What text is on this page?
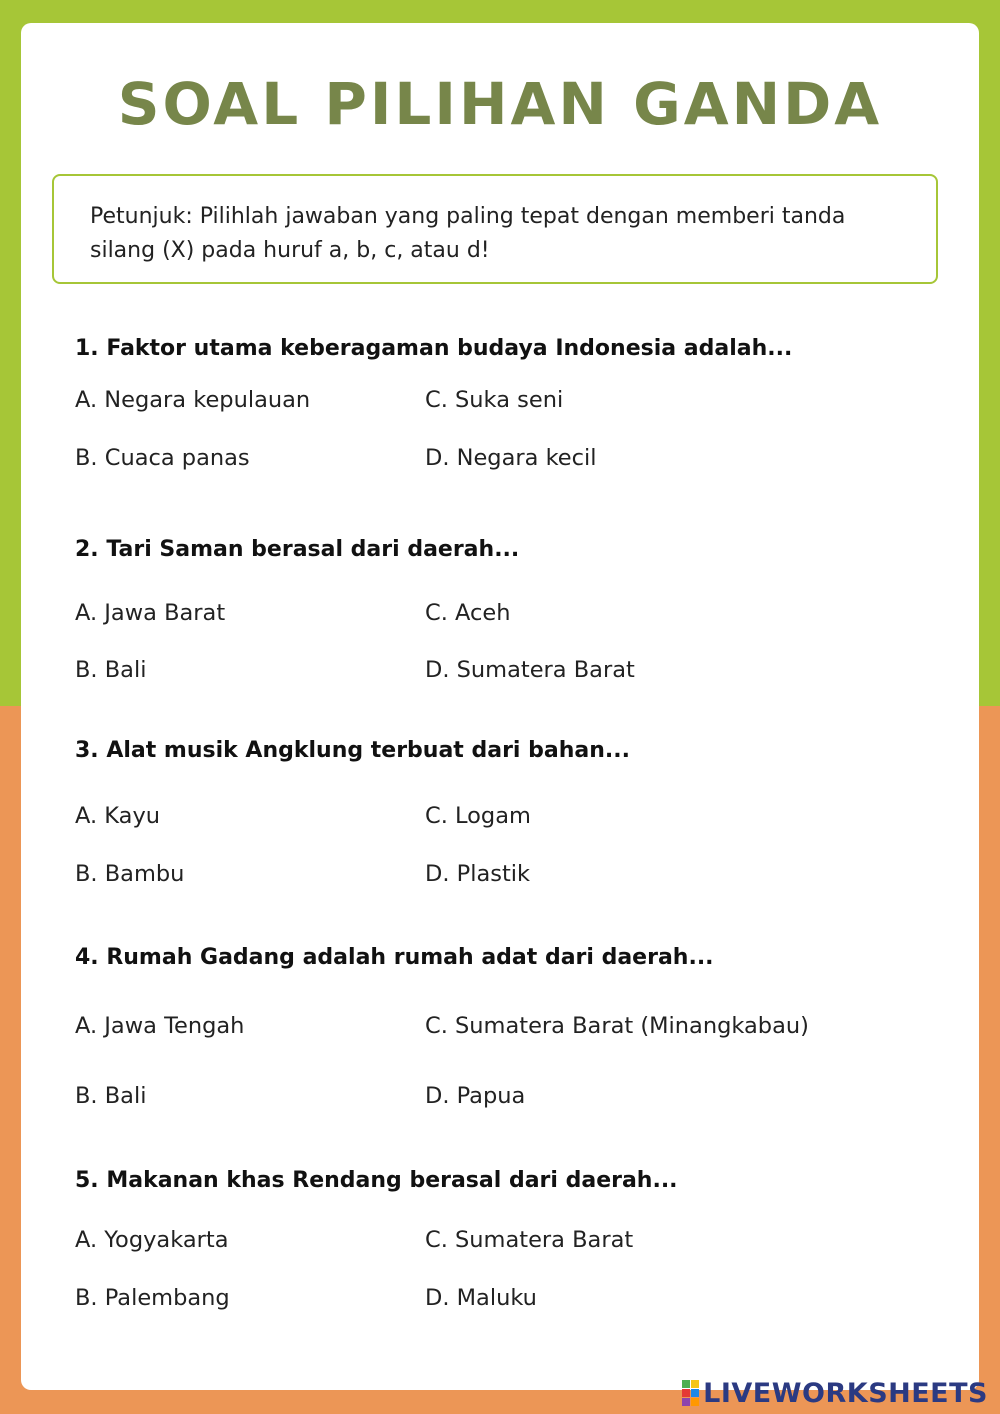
SOAL PILIHAN GANDA
Petunjuk: Pilihlah jawaban yang paling tepat dengan memberi tanda silang (X) pada huruf a, b, c, atau d!
1. Faktor utama keberagaman budaya Indonesia adalah...
A. Negara kepulauan	C. Suka seni
B. Cuaca panas	D. Negara kecil
2. Tari Saman berasal dari daerah...
A. Jawa Barat	C. Aceh
B. Bali	D. Sumatera Barat
3. Alat musik Angklung terbuat dari bahan...
A. Kayu	C. Logam
B. Bambu	D. Plastik
4. Rumah Gadang adalah rumah adat dari daerah...
A. Jawa Tengah	C. Sumatera Barat (Minangkabau)
B. Bali	D. Papua
5. Makanan khas Rendang berasal dari daerah...
A. Yogyakarta	C. Sumatera Barat
B. Palembang	D. Maluku
LIVEWORKSHEETS
